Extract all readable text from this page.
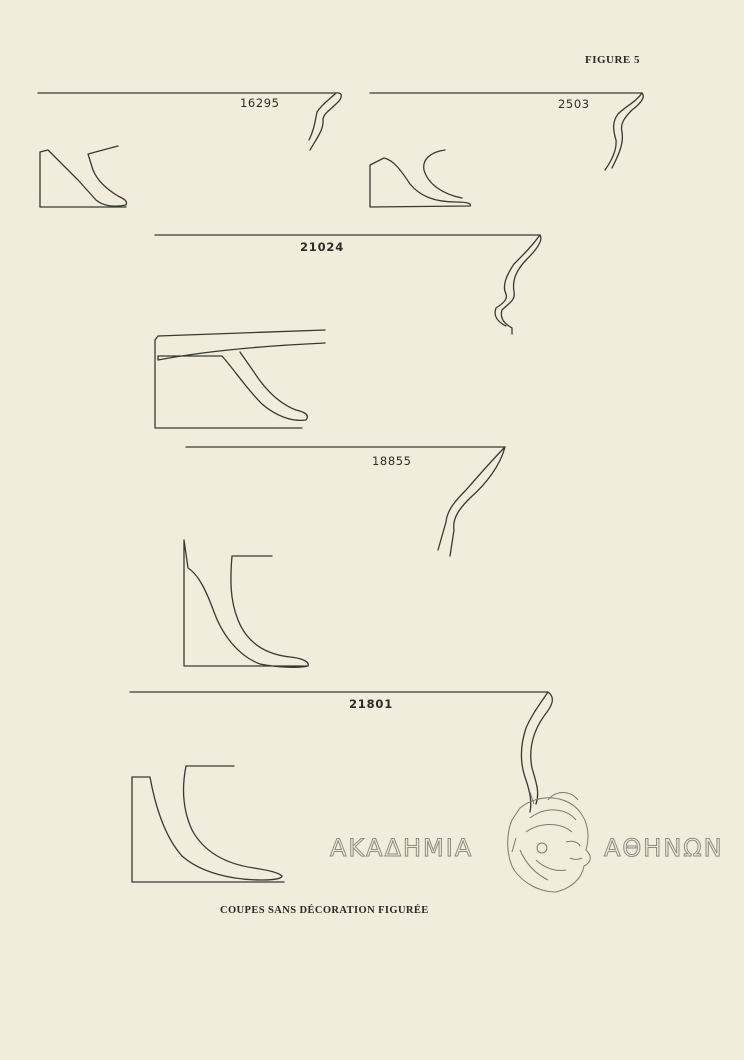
FIGURE 5
16295	2503
21024
18855
21801
ΑΚΑΔΗΜΙΑ	ΑΘΗΝΩΝ
COUPES SANS DÉCORATION FIGURÉE
